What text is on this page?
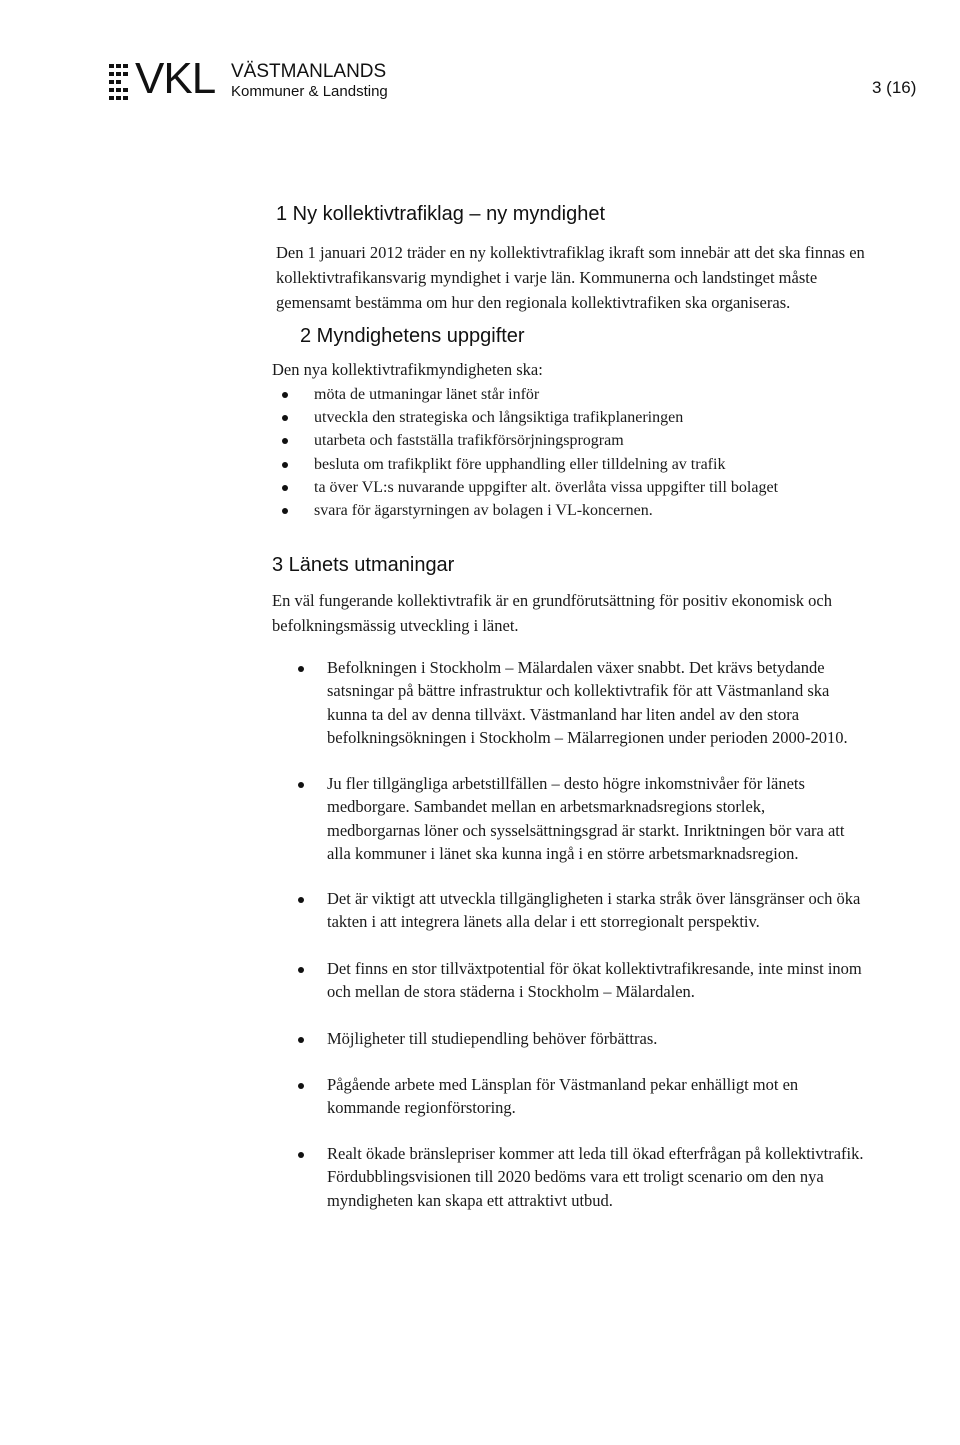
VKL VÄSTMANLANDS
Kommuner & Landsting	3 (16)
1 Ny kollektivtrafiklag – ny myndighet
Den 1 januari 2012 träder en ny kollektivtrafiklag ikraft som innebär att det ska finnas en
kollektivtrafikansvarig myndighet i varje län. Kommunerna och landstinget måste
gemensamt bestämma om hur den regionala kollektivtrafiken ska organiseras.
2 Myndighetens uppgifter
Den nya kollektivtrafikmyndigheten ska:
möta de utmaningar länet står inför
utveckla den strategiska och långsiktiga trafikplaneringen
utarbeta och fastställa trafikförsörjningsprogram
besluta om trafikplikt före upphandling eller tilldelning av trafik
ta över VL:s nuvarande uppgifter alt. överlåta vissa uppgifter till bolaget
svara för ägarstyrningen av bolagen i VL-koncernen.
3 Länets utmaningar
En väl fungerande kollektivtrafik är en grundförutsättning för positiv ekonomisk och
befolkningsmässig utveckling i länet.
Befolkningen i Stockholm – Mälardalen växer snabbt. Det krävs betydande
satsningar på bättre infrastruktur och kollektivtrafik för att Västmanland ska
kunna ta del av denna tillväxt. Västmanland har liten andel av den stora
befolkningsökningen i Stockholm – Mälarregionen under perioden 2000-2010.
Ju fler tillgängliga arbetstillfällen – desto högre inkomstnivåer för länets
medborgare. Sambandet mellan en arbetsmarknadsregions storlek,
medborgarnas löner och sysselsättningsgrad är starkt. Inriktningen bör vara att
alla kommuner i länet ska kunna ingå i en större arbetsmarknadsregion.
Det är viktigt att utveckla tillgängligheten i starka stråk över länsgränser och öka
takten i att integrera länets alla delar i ett storregionalt perspektiv.
Det finns en stor tillväxtpotential för ökat kollektivtrafikresande, inte minst inom
och mellan de stora städerna i Stockholm – Mälardalen.
Möjligheter till studiependling behöver förbättras.
Pågående arbete med Länsplan för Västmanland pekar enhälligt mot en
kommande regionförstoring.
Realt ökade bränslepriser kommer att leda till ökad efterfrågan på kollektivtrafik.
Fördubblingsvisionen till 2020 bedöms vara ett troligt scenario om den nya
myndigheten kan skapa ett attraktivt utbud.
